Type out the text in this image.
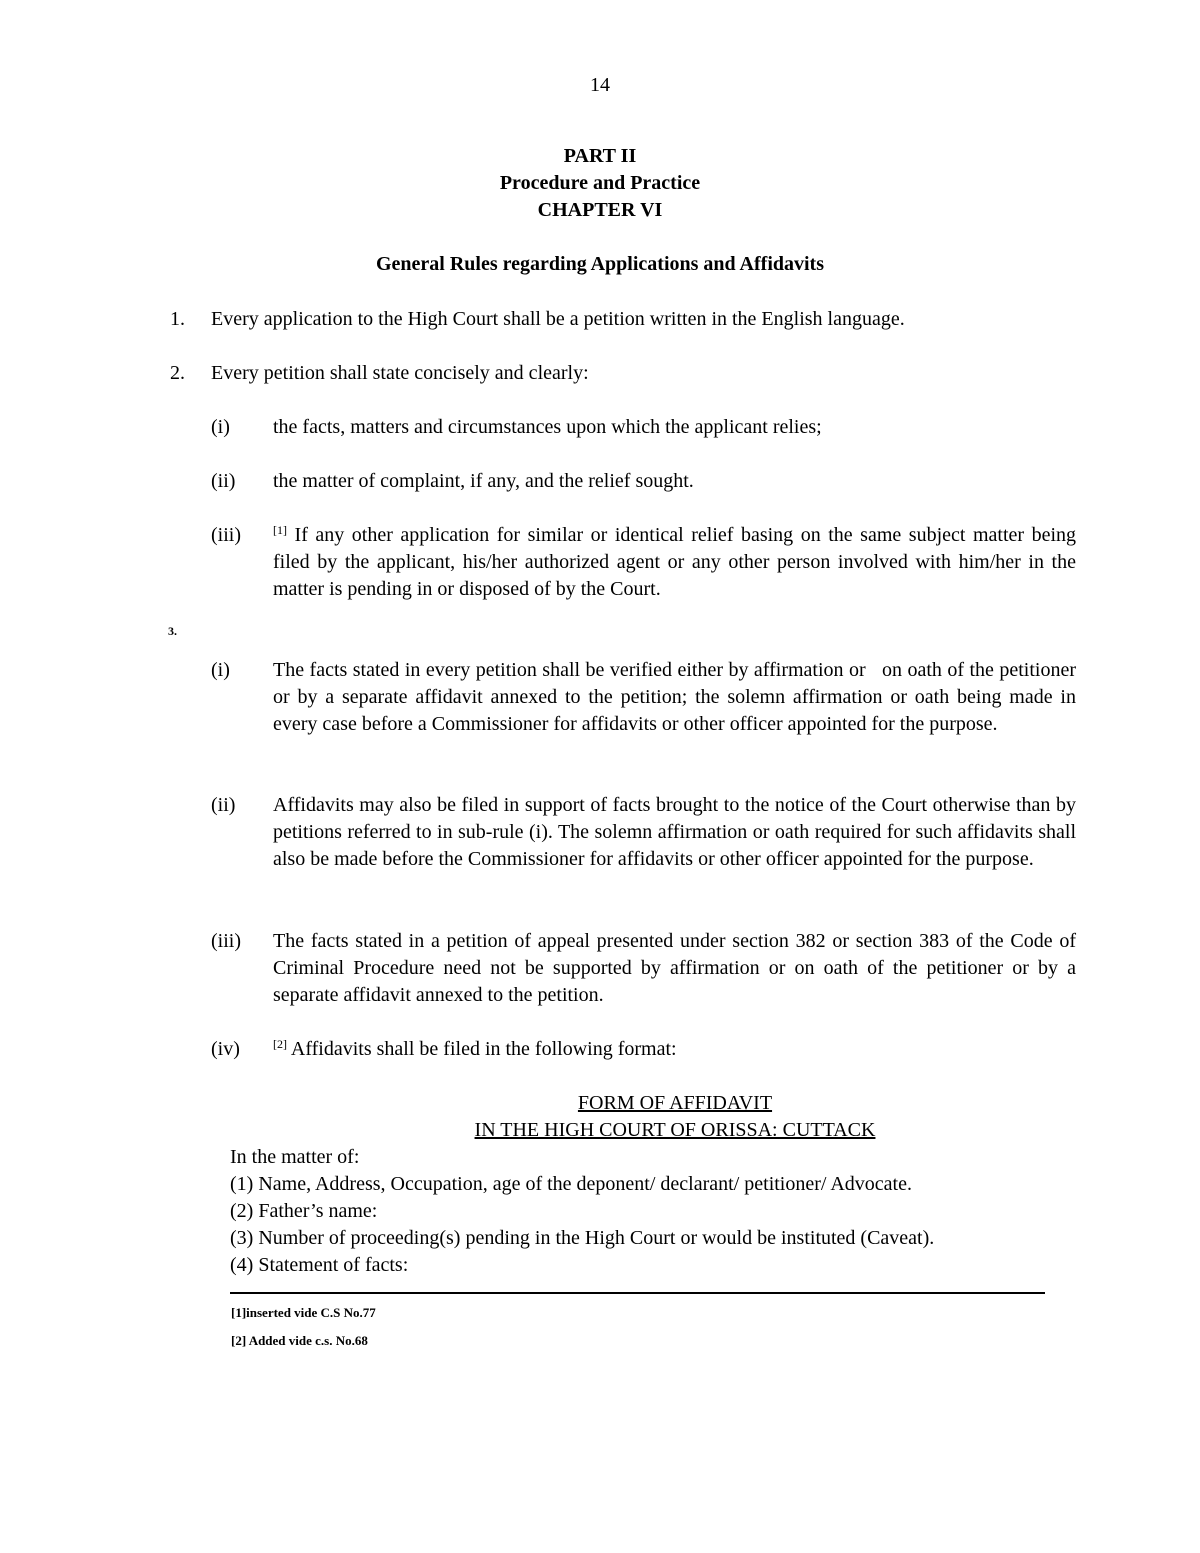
14
PART II
Procedure and Practice
CHAPTER VI
General Rules regarding Applications and Affidavits
1. Every application to the High Court shall be a petition written in the English language.
2. Every petition shall state concisely and clearly:
(i) the facts, matters and circumstances upon which the applicant relies;
(ii) the matter of complaint, if any, and the relief sought.
(iii)	[1] If any other application for similar or identical relief basing on the same subject matter being filed by the applicant, his/her authorized agent or any other person involved with him/her in the matter is pending in or disposed of by the Court.
3.
(i) The facts stated in every petition shall be verified either by affirmation or   on oath of the petitioner or by a separate affidavit annexed to the petition; the solemn affirmation or oath being made in every case before a Commissioner for affidavits or other officer appointed for the purpose.
(ii) Affidavits may also be filed in support of facts brought to the notice of the Court otherwise than by petitions referred to in sub-rule (i). The solemn affirmation or oath required for such affidavits shall also be made before the Commissioner for affidavits or other officer appointed for the purpose.
(iii) The facts stated in a petition of appeal presented under section 382 or section 383 of the Code of Criminal Procedure need not be supported by affirmation or on oath of the petitioner or by a separate affidavit annexed to the petition.
(iv)	[2] Affidavits shall be filed in the following format:
FORM OF AFFIDAVIT
IN THE HIGH COURT OF ORISSA: CUTTACK
In the matter of:
(1) Name, Address, Occupation, age of the deponent/ declarant/ petitioner/ Advocate.
(2) Father’s name:
(3) Number of proceeding(s) pending in the High Court or would be instituted (Caveat).
(4) Statement of facts:
[1]inserted vide C.S No.77
[2] Added vide c.s. No.68
